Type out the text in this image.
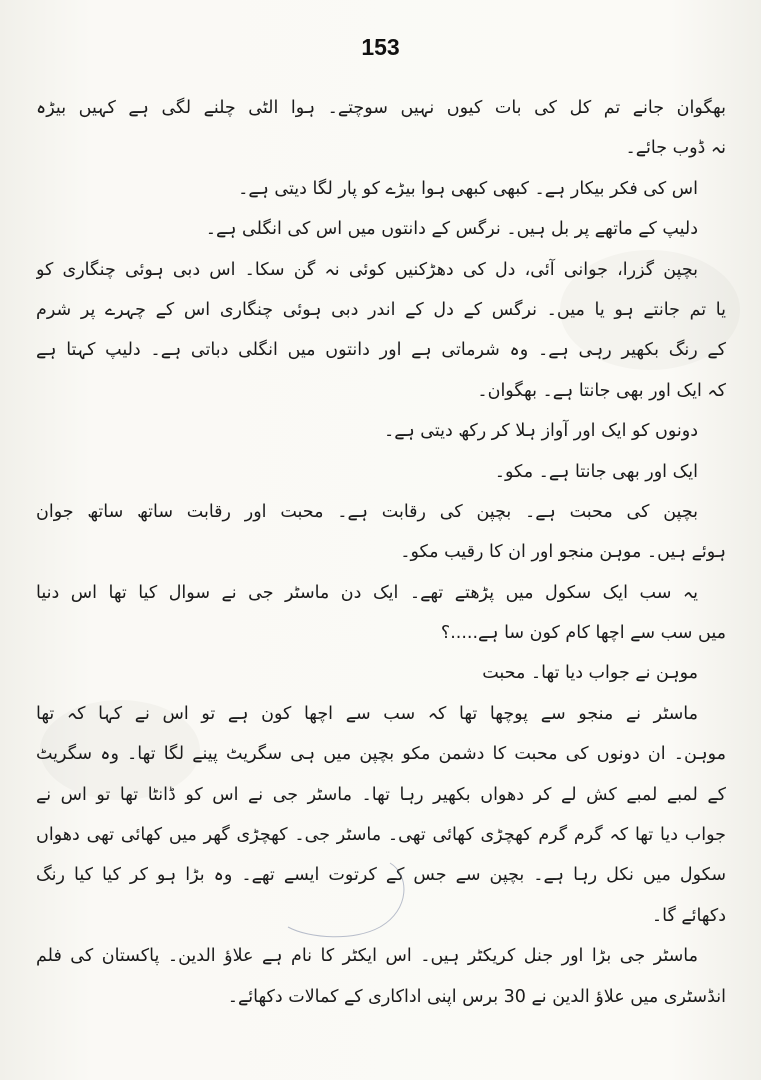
153
بھگوان جانے تم کل کی بات کیوں نہیں سوچتے۔ ہوا الٹی چلنے لگی ہے کہیں بیڑہ
نہ ڈوب جائے۔
اس کی فکر بیکار ہے۔ کبھی کبھی ہوا بیڑے کو پار لگا دیتی ہے۔
دلیپ کے ماتھے پر بل ہیں۔ نرگس کے دانتوں میں اس کی انگلی ہے۔
بچپن گزرا، جوانی آئی، دل کی دھڑکنیں کوئی نہ گن سکا۔ اس دبی ہوئی چنگاری کو
یا تم جانتے ہو یا میں۔ نرگس کے دل کے اندر دبی ہوئی چنگاری اس کے چہرے پر شرم
کے رنگ بکھیر رہی ہے۔ وہ شرماتی ہے اور دانتوں میں انگلی دباتی ہے۔ دلیپ کہتا ہے
کہ ایک اور بھی جانتا ہے۔ بھگوان۔
دونوں کو ایک اور آواز ہلا کر رکھ دیتی ہے۔
ایک اور بھی جانتا ہے۔ مکو۔
بچپن کی محبت ہے۔ بچپن کی رقابت ہے۔ محبت اور رقابت ساتھ ساتھ جوان
ہوئے ہیں۔ موہن منجو اور ان کا رقیب مکو۔
یہ سب ایک سکول میں پڑھتے تھے۔ ایک دن ماسٹر جی نے سوال کیا تھا اس دنیا
میں سب سے اچھا کام کون سا ہے.....؟
موہن نے جواب دیا تھا۔ محبت
ماسٹر نے منجو سے پوچھا تھا کہ سب سے اچھا کون ہے تو اس نے کہا کہ تھا
موہن۔ ان دونوں کی محبت کا دشمن مکو بچپن میں ہی سگریٹ پینے لگا تھا۔ وہ سگریٹ
کے لمبے لمبے کش لے کر دھواں بکھیر رہا تھا۔ ماسٹر جی نے اس کو ڈانٹا تھا تو اس نے
جواب دیا تھا کہ گرم گرم کھچڑی کھائی تھی۔ ماسٹر جی۔ کھچڑی گھر میں کھائی تھی دھواں
سکول میں نکل رہا ہے۔ بچپن سے جس کے کرتوت ایسے تھے۔ وہ بڑا ہو کر کیا کیا رنگ
دکھائے گا۔
ماسٹر جی بڑا اور جنل کریکٹر ہیں۔ اس ایکٹر کا نام ہے علاؤ الدین۔ پاکستان کی فلم
انڈسٹری میں علاؤ الدین نے 30 برس اپنی اداکاری کے کمالات دکھائے۔
